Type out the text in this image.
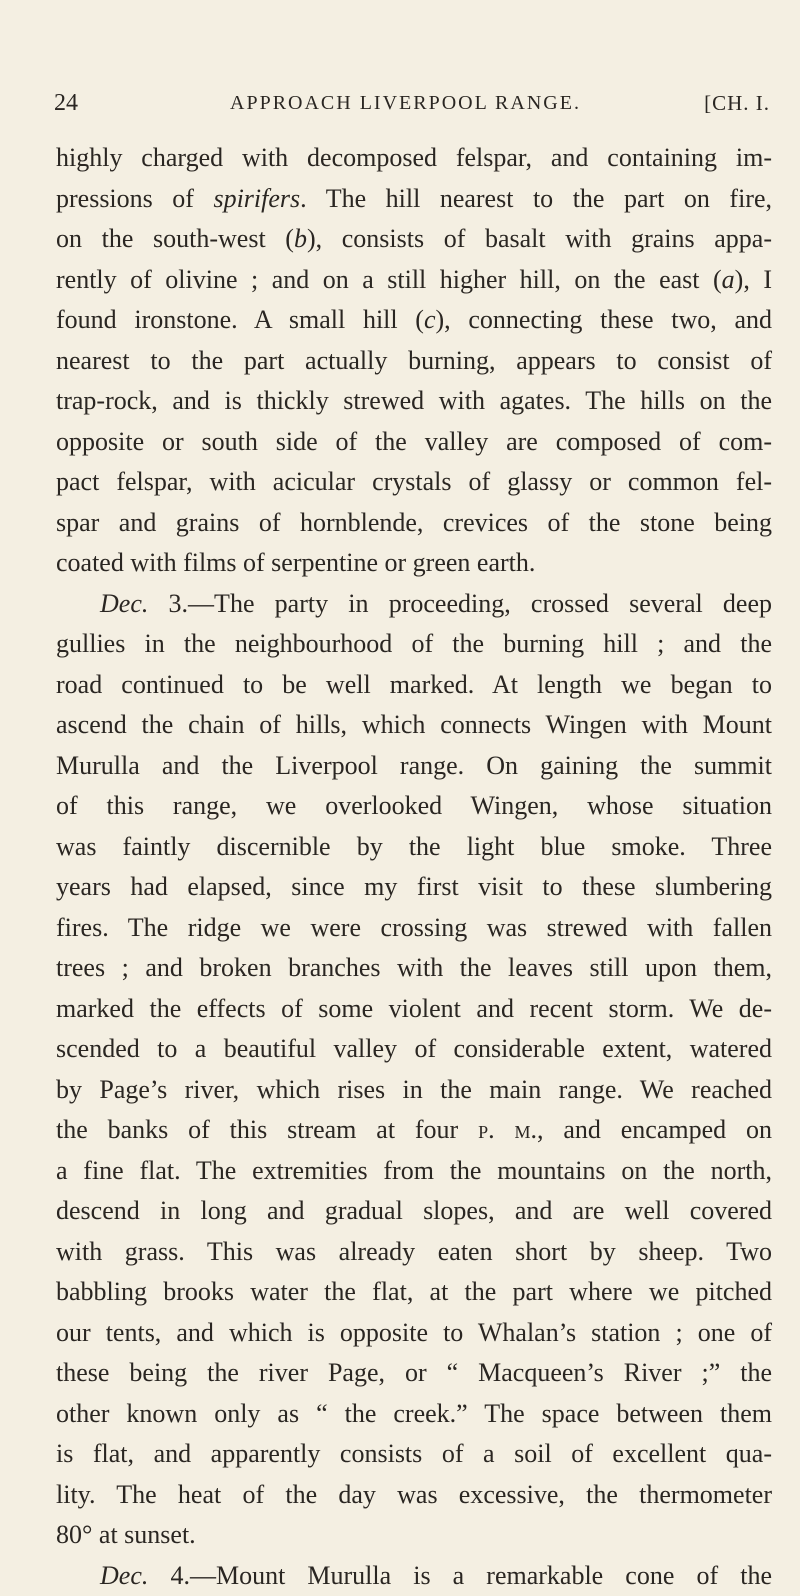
24	APPROACH LIVERPOOL RANGE.	[CH. I.
highly charged with decomposed felspar, and containing im-
pressions of spirifers. The hill nearest to the part on fire,
on the south-west (b), consists of basalt with grains appa-
rently of olivine ; and on a still higher hill, on the east (a), I
found ironstone. A small hill (c), connecting these two, and
nearest to the part actually burning, appears to consist of
trap-rock, and is thickly strewed with agates. The hills on the
opposite or south side of the valley are composed of com-
pact felspar, with acicular crystals of glassy or common fel-
spar and grains of hornblende, crevices of the stone being
coated with films of serpentine or green earth.
Dec. 3.—The party in proceeding, crossed several deep
gullies in the neighbourhood of the burning hill ; and the
road continued to be well marked. At length we began to
ascend the chain of hills, which connects Wingen with Mount
Murulla and the Liverpool range. On gaining the summit
of this range, we overlooked Wingen, whose situation
was faintly discernible by the light blue smoke. Three
years had elapsed, since my first visit to these slumbering
fires. The ridge we were crossing was strewed with fallen
trees ; and broken branches with the leaves still upon them,
marked the effects of some violent and recent storm. We de-
scended to a beautiful valley of considerable extent, watered
by Page’s river, which rises in the main range. We reached
the banks of this stream at four p. m., and encamped on
a fine flat. The extremities from the mountains on the north,
descend in long and gradual slopes, and are well covered
with grass. This was already eaten short by sheep. Two
babbling brooks water the flat, at the part where we pitched
our tents, and which is opposite to Whalan’s station ; one of
these being the river Page, or “ Macqueen’s River ;” the
other known only as “ the creek.” The space between them
is flat, and apparently consists of a soil of excellent qua-
lity. The heat of the day was excessive, the thermometer
80° at sunset.
Dec. 4.—Mount Murulla is a remarkable cone of the
